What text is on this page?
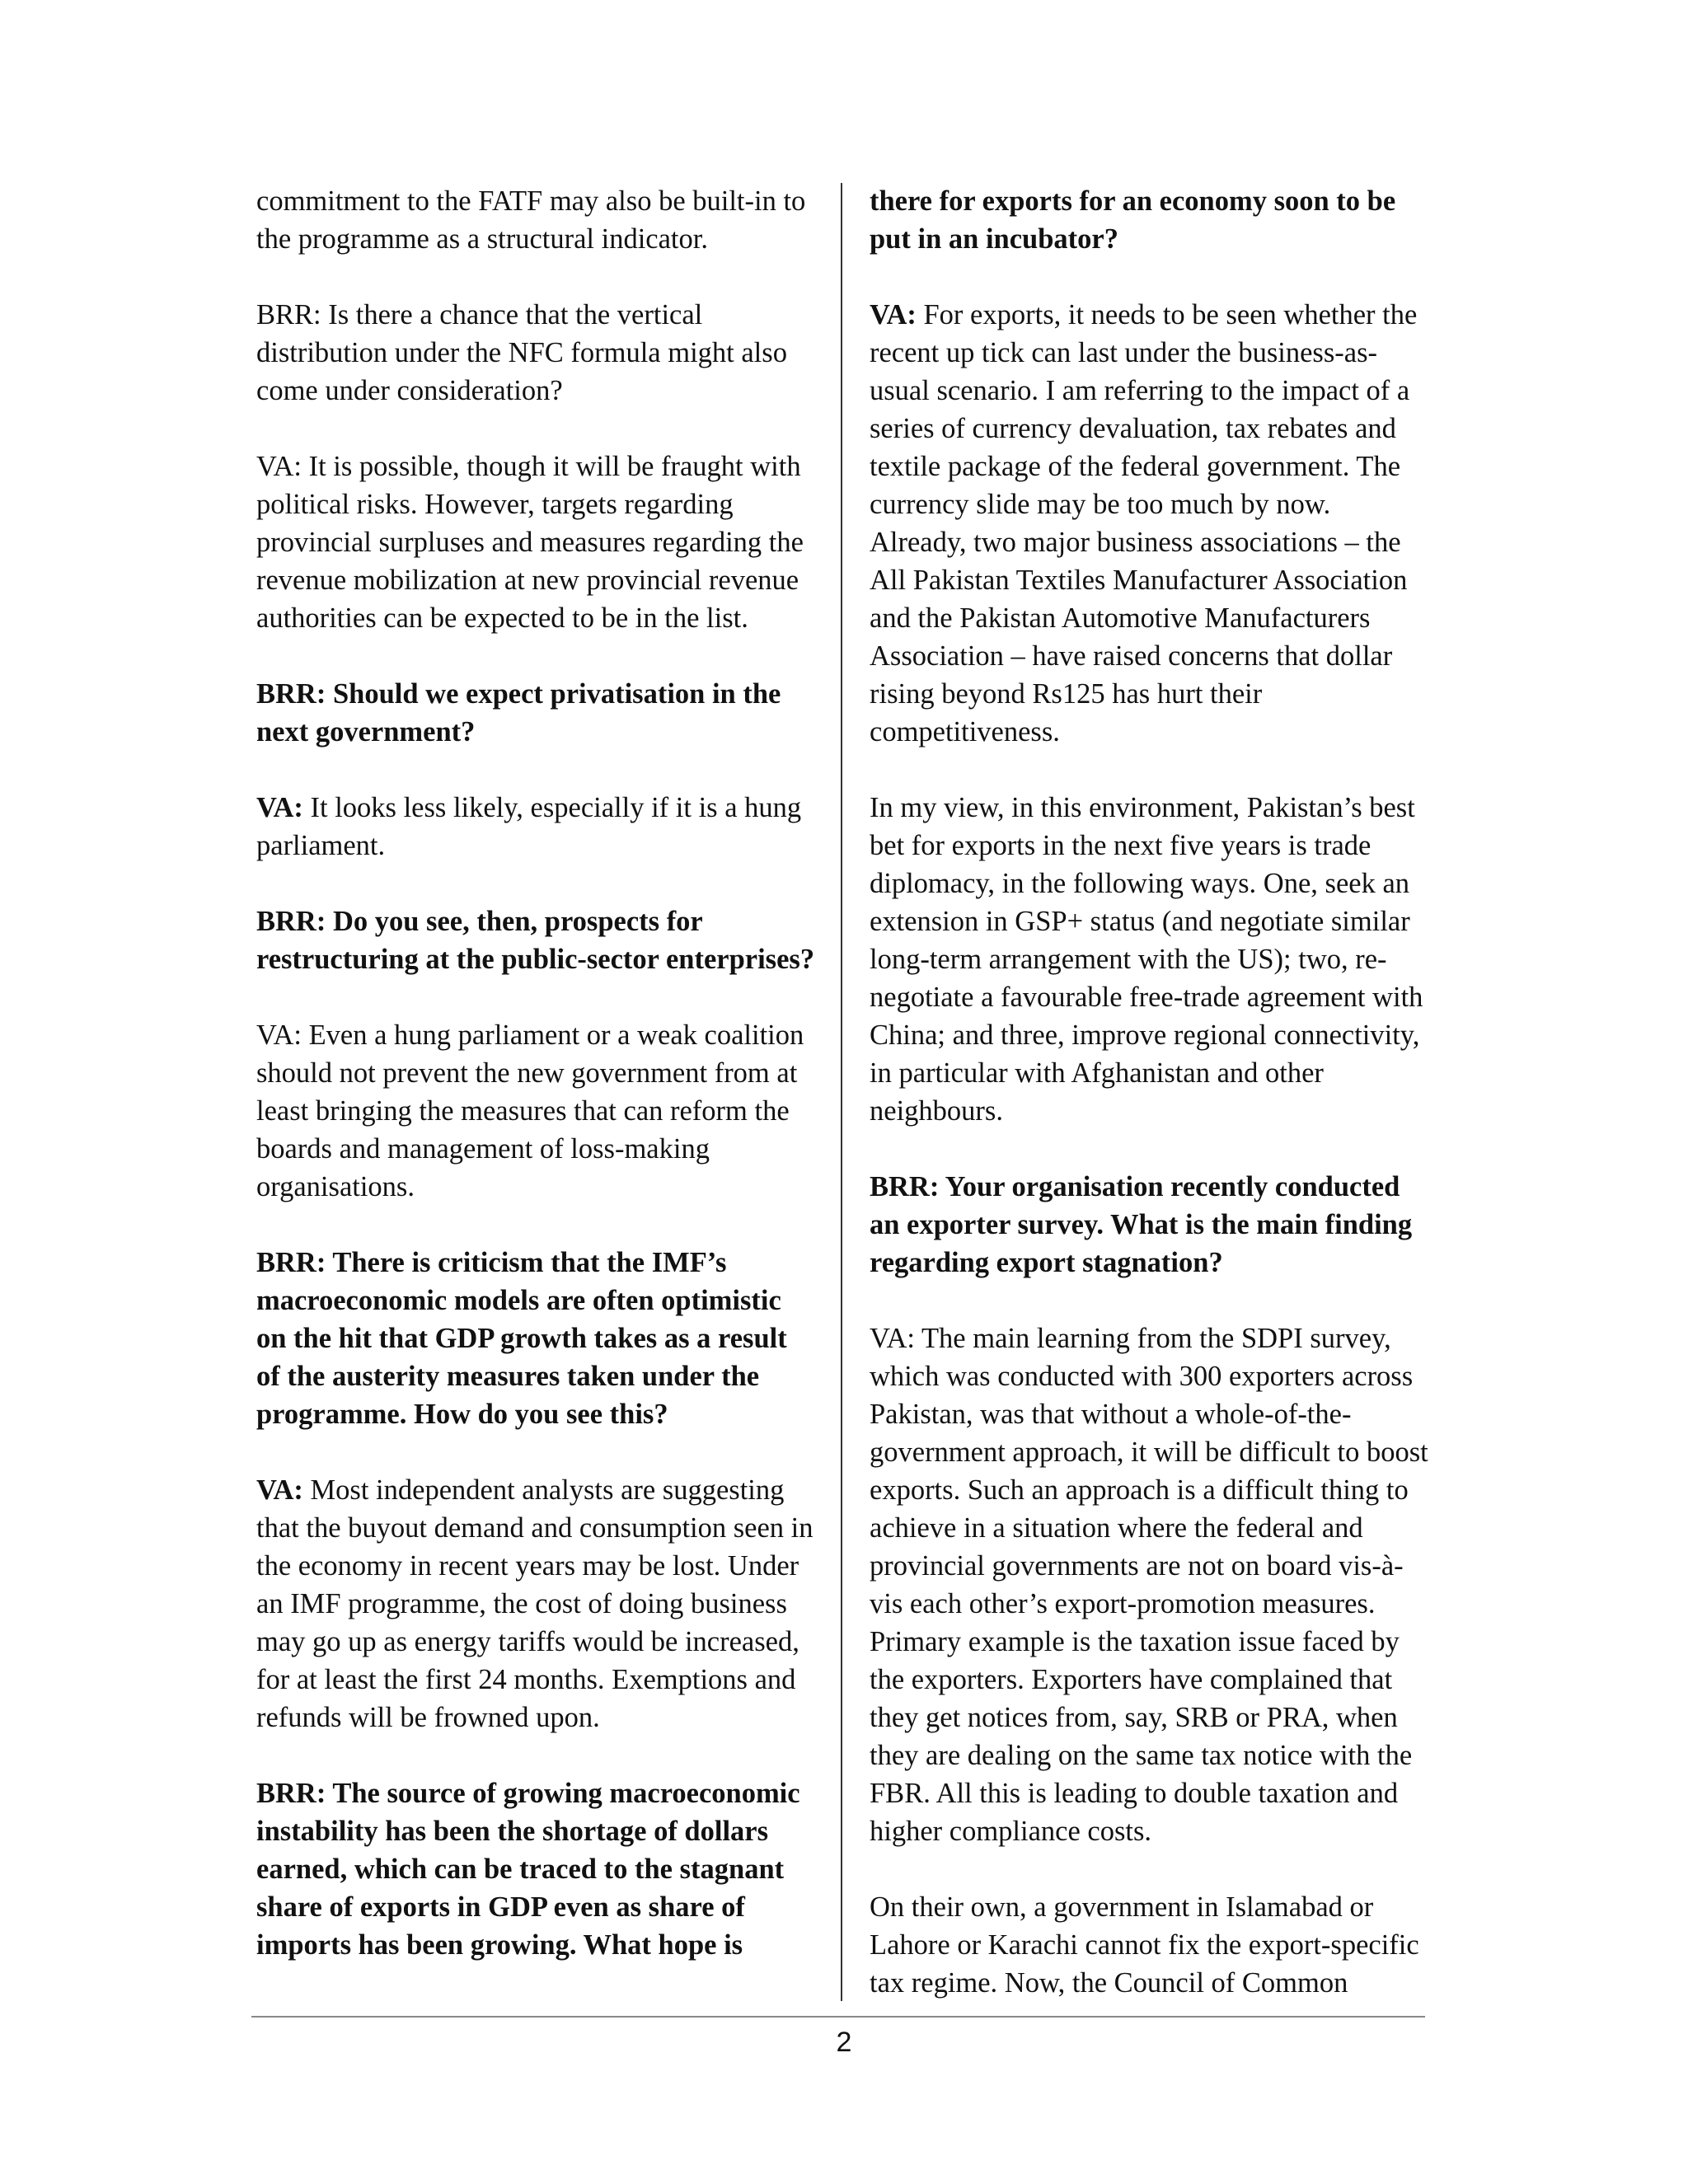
commitment to the FATF may also be built-in to the programme as a structural indicator.

BRR: Is there a chance that the vertical distribution under the NFC formula might also come under consideration?

VA: It is possible, though it will be fraught with political risks. However, targets regarding provincial surpluses and measures regarding the revenue mobilization at new provincial revenue authorities can be expected to be in the list.

BRR: Should we expect privatisation in the next government?

VA: It looks less likely, especially if it is a hung parliament.

BRR: Do you see, then, prospects for restructuring at the public-sector enterprises?

VA: Even a hung parliament or a weak coalition should not prevent the new government from at least bringing the measures that can reform the boards and management of loss-making organisations.

BRR: There is criticism that the IMF’s macroeconomic models are often optimistic on the hit that GDP growth takes as a result of the austerity measures taken under the programme. How do you see this?

VA: Most independent analysts are suggesting that the buyout demand and consumption seen in the economy in recent years may be lost. Under an IMF programme, the cost of doing business may go up as energy tariffs would be increased, for at least the first 24 months. Exemptions and refunds will be frowned upon.

BRR: The source of growing macroeconomic instability has been the shortage of dollars earned, which can be traced to the stagnant share of exports in GDP even as share of imports has been growing. What hope is

there for exports for an economy soon to be put in an incubator?

VA: For exports, it needs to be seen whether the recent up tick can last under the business-as-usual scenario. I am referring to the impact of a series of currency devaluation, tax rebates and textile package of the federal government. The currency slide may be too much by now. Already, two major business associations – the All Pakistan Textiles Manufacturer Association and the Pakistan Automotive Manufacturers Association – have raised concerns that dollar rising beyond Rs125 has hurt their competitiveness.

In my view, in this environment, Pakistan’s best bet for exports in the next five years is trade diplomacy, in the following ways. One, seek an extension in GSP+ status (and negotiate similar long-term arrangement with the US); two, re-negotiate a favourable free-trade agreement with China; and three, improve regional connectivity, in particular with Afghanistan and other neighbours.

BRR: Your organisation recently conducted an exporter survey. What is the main finding regarding export stagnation?

VA: The main learning from the SDPI survey, which was conducted with 300 exporters across Pakistan, was that without a whole-of-the-government approach, it will be difficult to boost exports. Such an approach is a difficult thing to achieve in a situation where the federal and provincial governments are not on board vis-à-vis each other’s export-promotion measures. Primary example is the taxation issue faced by the exporters. Exporters have complained that they get notices from, say, SRB or PRA, when they are dealing on the same tax notice with the FBR. All this is leading to double taxation and higher compliance costs.

On their own, a government in Islamabad or Lahore or Karachi cannot fix the export-specific tax regime. Now, the Council of Common

2
